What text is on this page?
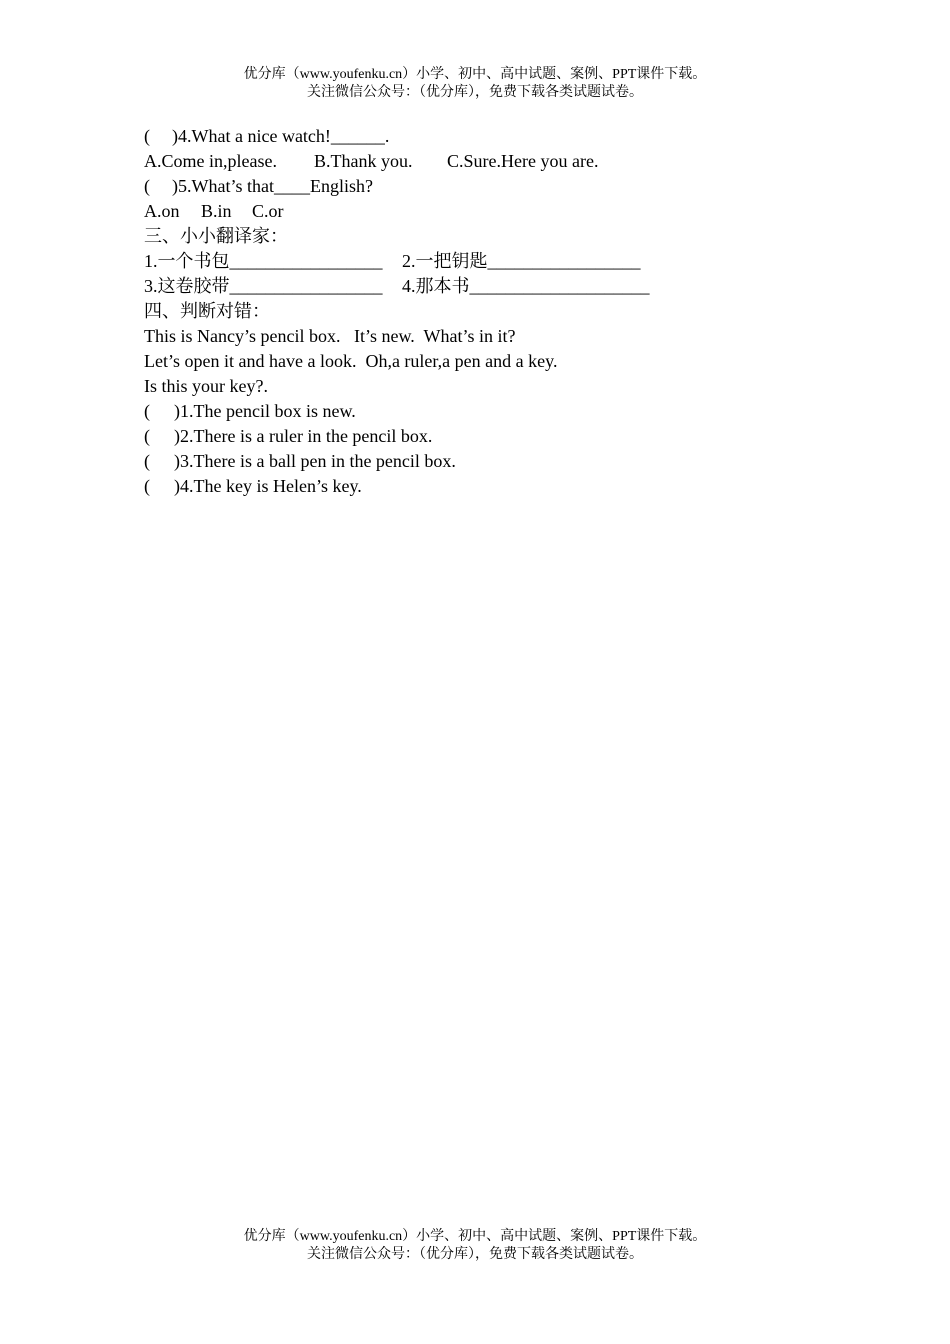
优分库（www.youfenku.cn）小学、初中、高中试题、案例、PPT课件下载。
关注微信公众号：（优分库），免费下载各类试题试卷。
( )4.What a nice watch!______.
A.Come in,please. B.Thank you. C.Sure.Here you are.
( )5.What’s that____English?
A.on B.in C.or
三、小小翻译家：
1.一个书包_________________ 2.一把钥匙_________________
3.这卷胶带_________________ 4.那本书____________________
四、判断对错：
This is Nancy’s pencil box.   It’s new.  What’s in it?
Let’s open it and have a look.  Oh,a ruler,a pen and a key.
Is this your key?.
( )1.The pencil box is new.
( )2.There is a ruler in the pencil box.
( )3.There is a ball pen in the pencil box.
( )4.The key is Helen’s key.
优分库（www.youfenku.cn）小学、初中、高中试题、案例、PPT课件下载。
关注微信公众号：（优分库），免费下载各类试题试卷。
